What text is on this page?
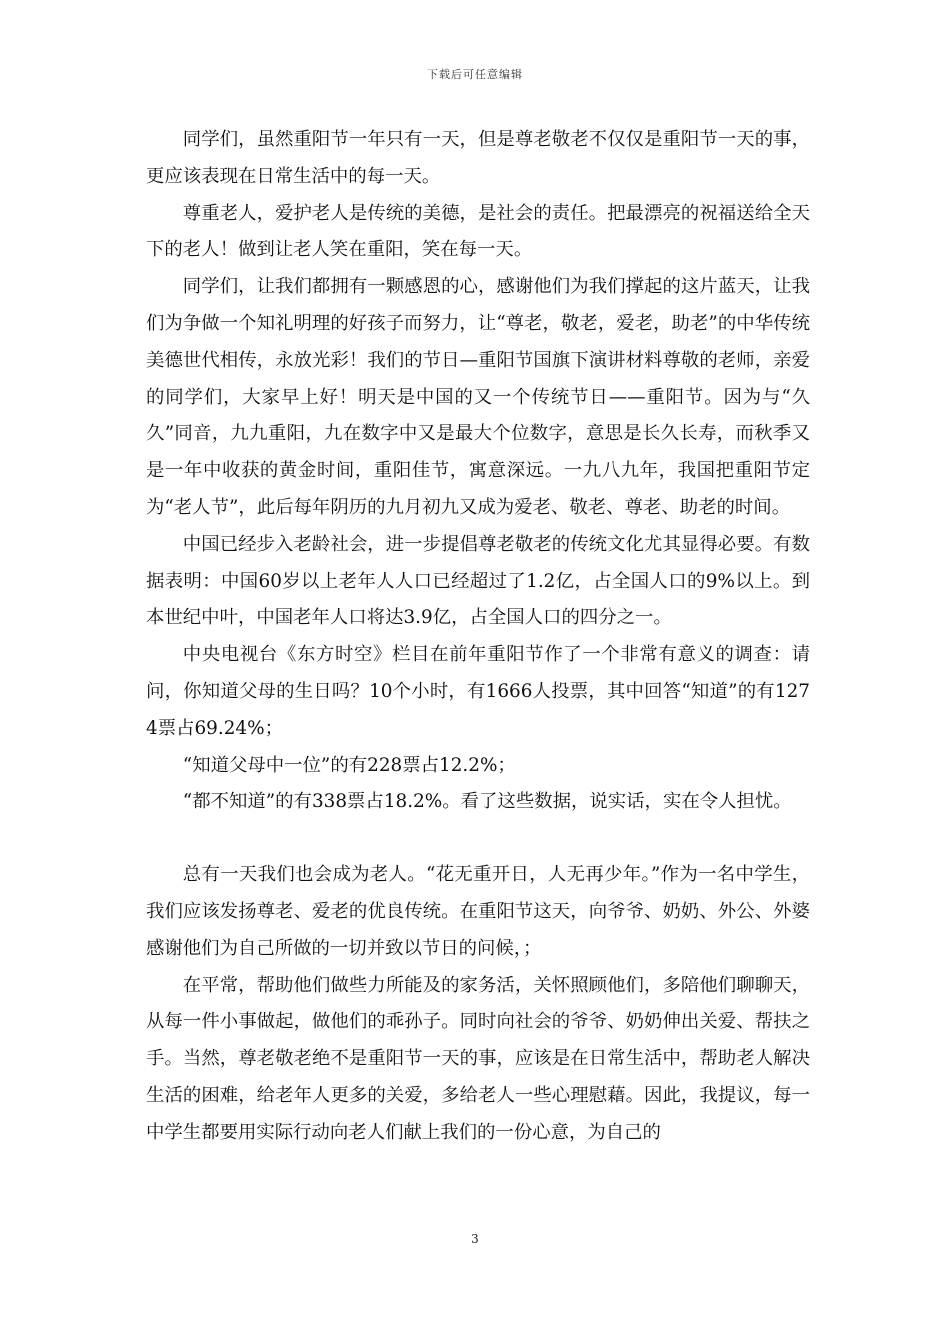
下载后可任意编辑

同学们，虽然重阳节一年只有一天，但是尊老敬老不仅仅是重阳节一天的事，更应该表现在日常生活中的每一天。

尊重老人，爱护老人是传统的美德，是社会的责任。把最漂亮的祝福送给全天下的老人！做到让老人笑在重阳，笑在每一天。

同学们，让我们都拥有一颗感恩的心，感谢他们为我们撑起的这片蓝天，让我们为争做一个知礼明理的好孩子而努力，让“尊老，敬老，爱老，助老”的中华传统美德世代相传，永放光彩！我们的节日—重阳节国旗下演讲材料尊敬的老师，亲爱的同学们，大家早上好！明天是中国的又一个传统节日——重阳节。因为与“久久”同音，九九重阳，九在数字中又是最大个位数字，意思是长久长寿，而秋季又是一年中收获的黄金时间，重阳佳节，寓意深远。一九八九年，我国把重阳节定为“老人节”，此后每年阴历的九月初九又成为爱老、敬老、尊老、助老的时间。

中国已经步入老龄社会，进一步提倡尊老敬老的传统文化尤其显得必要。有数据表明：中国60岁以上老年人人口已经超过了1.2亿，占全国人口的9%以上。到本世纪中叶，中国老年人口将达3.9亿，占全国人口的四分之一。

中央电视台《东方时空》栏目在前年重阳节作了一个非常有意义的调查：请问，你知道父母的生日吗？10个小时，有1666人投票，其中回答“知道”的有1274票占69.24%；

“知道父母中一位”的有228票占12.2%；

“都不知道”的有338票占18.2%。看了这些数据，说实话，实在令人担忧。

总有一天我们也会成为老人。“花无重开日，人无再少年。”作为一名中学生，我们应该发扬尊老、爱老的优良传统。在重阳节这天，向爷爷、奶奶、外公、外婆感谢他们为自己所做的一切并致以节日的问候，；

在平常，帮助他们做些力所能及的家务活，关怀照顾他们，多陪他们聊聊天，从每一件小事做起，做他们的乖孙子。同时向社会的爷爷、奶奶伸出关爱、帮扶之手。当然，尊老敬老绝不是重阳节一天的事，应该是在日常生活中，帮助老人解决生活的困难，给老年人更多的关爱，多给老人一些心理慰藉。因此，我提议，每一中学生都要用实际行动向老人们献上我们的一份心意，为自己的

3
